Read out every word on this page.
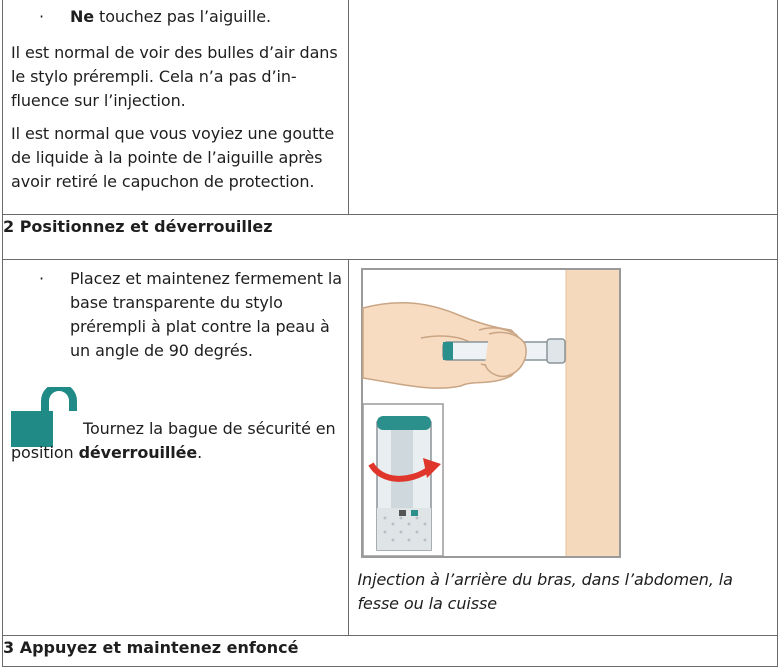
· Ne touchez pas l’aiguille.

Il est normal de voir des bulles d’air dans le stylo prérempli. Cela n’a pas d’influence sur l’injection.

Il est normal que vous voyiez une goutte de liquide à la pointe de l’aiguille après avoir retiré le capuchon de protection.	

2 Positionnez et déverrouillez	

· Placez et maintenez fermement la base transparente du stylo prérempli à plat contre la peau à un angle de 90 degrés.
Tournez la bague de sécurité en position déverrouillée.	Injection à l’arrière du bras, dans l’abdomen, la fesse ou la cuisse

3 Appuyez et maintenez enfoncé	
